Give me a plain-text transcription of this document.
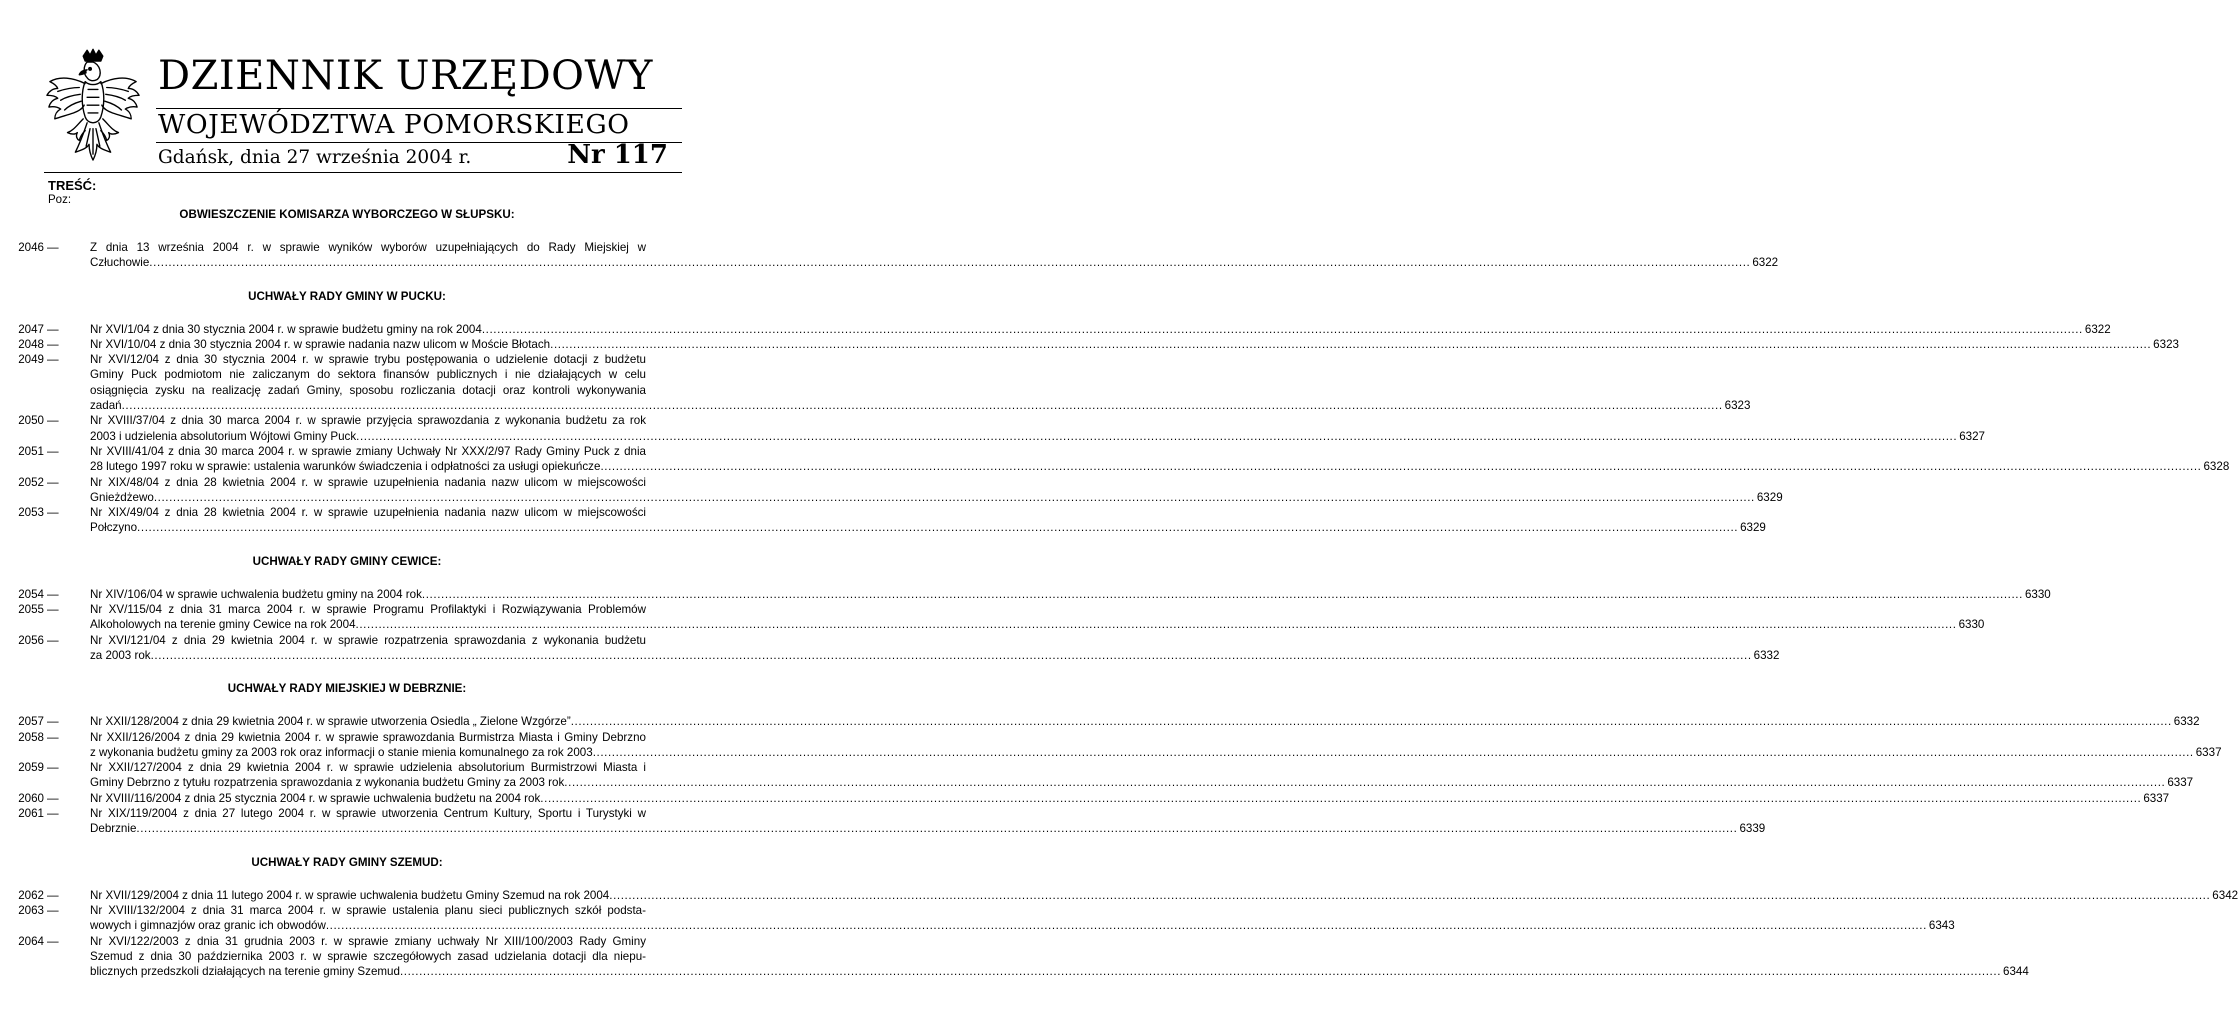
DZIENNIK URZĘDOWY
WOJEWÓDZTWA POMORSKIEGO
Gdańsk, dnia 27 września 2004 r.	Nr 117
TREŚĆ:
Poz:
OBWIESZCZENIE KOMISARZA WYBORCZEGO W SŁUPSKU:
2046 —	Z dnia 13 września 2004 r. w sprawie wyników wyborów uzupełniających do Rady Miejskiej w
Człuchowie .....	6322
UCHWAŁY RADY GMINY W PUCKU:
2047 —	Nr XVI/1/04 z dnia 30 stycznia 2004 r. w sprawie budżetu gminy na rok 2004 .....	6322
2048 —	Nr XVI/10/04 z dnia 30 stycznia 2004 r. w sprawie nadania nazw ulicom w Moście Błotach .....	6323
2049 —	Nr XVI/12/04 z dnia 30 stycznia 2004 r. w sprawie trybu postępowania o udzielenie dotacji z budżetu
Gminy Puck podmiotom nie zaliczanym do sektora finansów publicznych i nie działających w celu
osiągnięcia zysku na realizację zadań Gminy, sposobu rozliczania dotacji oraz kontroli wykonywania
zadań .....	6323
2050 —	Nr XVIII/37/04 z dnia 30 marca 2004 r. w sprawie przyjęcia sprawozdania z wykonania budżetu za rok
2003 i udzielenia absolutorium Wójtowi Gminy Puck .....	6327
2051 —	Nr XVIII/41/04 z dnia 30 marca 2004 r. w sprawie zmiany Uchwały Nr XXX/2/97 Rady Gminy Puck z dnia
28 lutego 1997 roku w sprawie: ustalenia warunków świadczenia i odpłatności za usługi opiekuńcze .....	6328
2052 —	Nr XIX/48/04 z dnia 28 kwietnia 2004 r. w sprawie uzupełnienia nadania nazw ulicom w miejscowości
Gnieżdżewo .....	6329
2053 —	Nr XIX/49/04 z dnia 28 kwietnia 2004 r. w sprawie uzupełnienia nadania nazw ulicom w miejscowości
Połczyno .....	6329
UCHWAŁY RADY GMINY CEWICE:
2054 —	Nr XIV/106/04 w sprawie uchwalenia budżetu gminy na 2004 rok .....	6330
2055 —	Nr XV/115/04 z dnia 31 marca 2004 r. w sprawie Programu Profilaktyki i Rozwiązywania Problemów
Alkoholowych na terenie gminy Cewice na rok 2004 .....	6330
2056 —	Nr XVI/121/04 z dnia 29 kwietnia 2004 r. w sprawie rozpatrzenia sprawozdania z wykonania budżetu
za 2003 rok .....	6332
UCHWAŁY RADY MIEJSKIEJ W DEBRZNIE:
2057 —	Nr XXII/128/2004 z dnia 29 kwietnia 2004 r. w sprawie utworzenia Osiedla „ Zielone Wzgórze” .....	6332
2058 —	Nr XXII/126/2004 z dnia 29 kwietnia 2004 r. w sprawie sprawozdania Burmistrza Miasta i Gminy Debrzno
z wykonania budżetu gminy za 2003 rok oraz informacji o stanie mienia komunalnego za rok 2003 .....	6337
2059 —	Nr XXII/127/2004 z dnia 29 kwietnia 2004 r. w sprawie udzielenia absolutorium Burmistrzowi Miasta i
Gminy Debrzno z tytułu rozpatrzenia sprawozdania z wykonania budżetu Gminy za 2003 rok .....	6337
2060 —	Nr XVIII/116/2004 z dnia 25 stycznia 2004 r. w sprawie uchwalenia budżetu na 2004 rok .....	6337
2061 —	Nr XIX/119/2004 z dnia 27 lutego 2004 r. w sprawie utworzenia Centrum Kultury, Sportu i Turystyki w
Debrznie .....	6339
UCHWAŁY RADY GMINY SZEMUD:
2062 —	Nr XVII/129/2004 z dnia 11 lutego 2004 r. w sprawie uchwalenia budżetu Gminy Szemud na rok 2004 .....	6342
2063 —	Nr XVIII/132/2004 z dnia 31 marca 2004 r. w sprawie ustalenia planu sieci publicznych szkół podsta-
wowych i gimnazjów oraz granic ich obwodów .....	6343
2064 —	Nr XVI/122/2003 z dnia 31 grudnia 2003 r. w sprawie zmiany uchwały Nr XIII/100/2003 Rady Gminy
Szemud z dnia 30 października 2003 r. w sprawie szczegółowych zasad udzielania dotacji dla niepu-
blicznych przedszkoli działających na terenie gminy Szemud .....	6344
